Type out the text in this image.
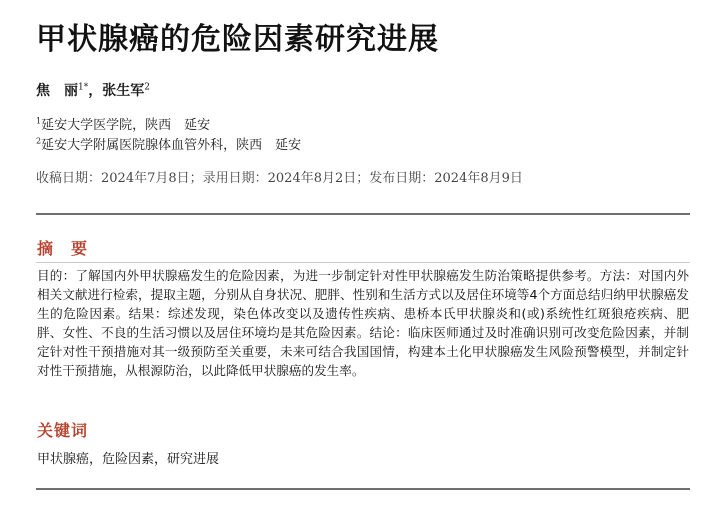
甲状腺癌的危险因素研究进展
焦　丽$^{1*}$，张生军$^2$
$^1$延安大学医学院，陕西　延安
$^2$延安大学附属医院腺体血管外科，陕西　延安
收稿日期：2024年7月8日；录用日期：2024年8月2日；发布日期：2024年8月9日
摘　要
目的：了解国内外甲状腺癌发生的危险因素，为进一步制定针对性甲状腺癌发生防治策略提供参考。方法：对国内外相关文献进行检索，提取主题，分别从自身状况、肥胖、性别和生活方式以及居住环境等4个方面总结归纳甲状腺癌发生的危险因素。结果：综述发现，染色体改变以及遗传性疾病、患桥本氏甲状腺炎和(或)系统性红斑狼疮疾病、肥胖、女性、不良的生活习惯以及居住环境均是其危险因素。结论：临床医师通过及时准确识别可改变危险因素，并制定针对性干预措施对其一级预防至关重要，未来可结合我国国情，构建本土化甲状腺癌发生风险预警模型，并制定针对性干预措施，从根源防治，以此降低甲状腺癌的发生率。
关键词
甲状腺癌，危险因素，研究进展
